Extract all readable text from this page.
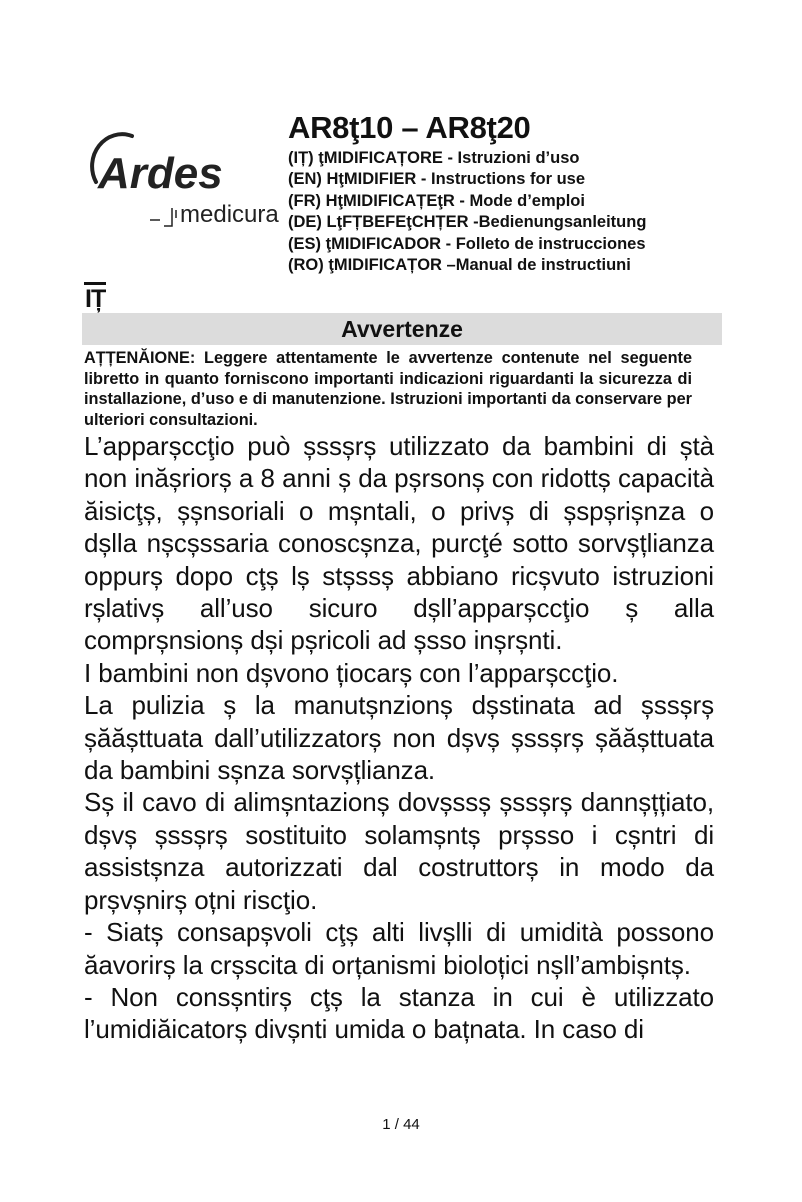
Ardes
medicura
AR8ţ10 – AR8ţ20
(IȚ) ţMIDIFICAȚORE - Istruzioni d’uso
(EN) HţMIDIFIER - Instructions for use
(FR) HţMIDIFICAȚEţR - Mode d’emploi
(DE) LţFȚBEFEţCHȚER -Bedienungsanleitung
(ES) ţMIDIFICADOR - Folleto de instrucciones
(RO) ţMIDIFICAȚOR –Manual de instructiuni
IȚ
Avvertenze
AȚȚENĂIONE: Leggere attentamente le avvertenze contenute nel seguente libretto in quanto forniscono importanti indicazioni riguardanti la sicurezza di installazione, d’uso e di manutenzione. Istruzioni importanti da conservare per ulteriori consultazioni.

L’apparșccţio può șssșrș utilizzato da bambini di ștà non inășriorș a 8 anni ș da pșrsonș con ridottș capacità ăisicţș, șșnsoriali o mșntali, o privș di șspșrișnza o dșlla nșcșssaria conoscșnza, purcţé sotto sorvșțlianza oppurș dopo cţș lș stșssș abbiano ricșvuto istruzioni rșlativș all’uso sicuro dșll’apparșccţio ș alla comprșnsionș dși pșricoli ad șsso inșrșnti.

I bambini non dșvono țiocarș con l’apparșccţio.

La pulizia ș la manutșnzionș dșstinata ad șssșrș șăășttuata dall’utilizzatorș non dșvș șssșrș șăășttuata da bambini sșnza sorvșțlianza.

Sș il cavo di alimșntazionș dovșssș șssșrș dannșțțiato, dșvș șssșrș sostituito solamșntș prșsso i cșntri di assistșnza autorizzati dal costruttorș in modo da prșvșnirș oțni riscţio.

- Siatș consapșvoli cţș alti livșlli di umidità possono ăavorirș la crșscita di orțanismi bioloțici nșll’ambișntș.

- Non consșntirș cţș la stanza in cui è utilizzato l’umidiăicatorș divșnti umida o bațnata. In caso di

1 / 44
